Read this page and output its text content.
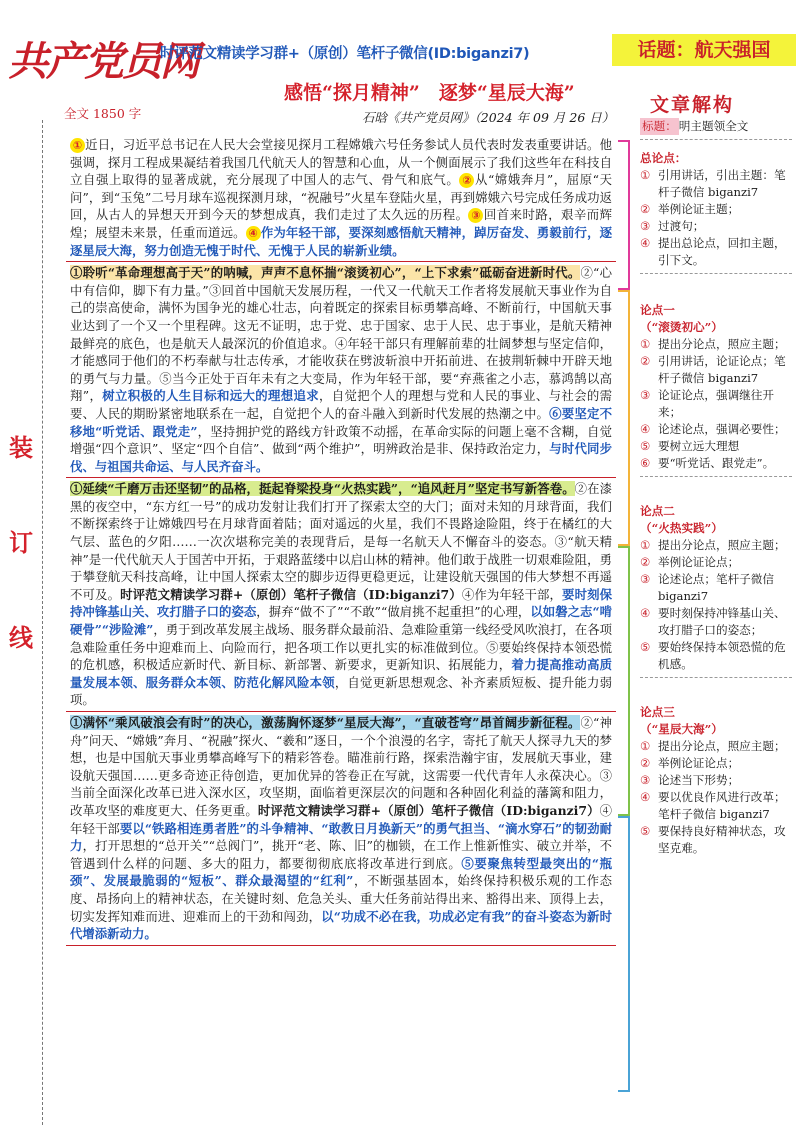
共产党员网
时评范文精读学习群+（原创）笔杆子微信(ID:biganzi7)	话题：航天强国
感悟“探月精神”　逐梦“星辰大海”
石晗《共产党员网》（2024 年 09 月 26 日）
全文 1850 字
装
订
线

① 近日，习近平总书记在人民大会堂接见探月工程嫦娥六号任务参试人员代表时发表重要讲话。他强调，探月工程成果凝结着我国几代航天人的智慧和心血，从一个侧面展示了我们这些年在科技自立自强上取得的显著成就，充分展现了中国人的志气、骨气和底气。 ② 从“嫦娥奔月”，屈原“天问”，到“玉兔”二号月球车巡视探测月球，“祝融号”火星车登陆火星，再到嫦娥六号完成任务成功返回，从古人的异想天开到今天的梦想成真，我们走过了太久远的历程。 ③ 回首来时路，艰辛而辉煌；展望未来景，任重而道远。 ④ 作为年轻干部，要深刻感悟航天精神，踔厉奋发、勇毅前行，逐逐星辰大海，努力创造无愧于时代、无愧于人民的崭新业绩。

①聆听“革命理想高于天”的呐喊，声声不息怀揣“滚烫初心”，“上下求索”砥砺奋进新时代。②“心中有信仰，脚下有力量。”③回首中国航天发展历程，一代又一代航天工作者将发展航天事业作为自己的崇高使命，满怀为国争光的雄心壮志，向着既定的探索目标勇攀高峰、不断前行，中国航天事业达到了一个又一个里程碑。这无不证明，忠于党、忠于国家、忠于人民、忠于事业，是航天精神最鲜亮的底色，也是航天人最深沉的价值追求。④年轻干部只有理解前辈的壮阔梦想与坚定信仰，才能感同于他们的不朽奉献与壮志传承，才能收获在劈波斩浪中开拓前进、在披荆斩棘中开辟天地的勇气与力量。⑤当今正处于百年未有之大变局，作为年轻干部，要“弃燕雀之小志，慕鸿鹄以高翔”，树立积极的人生目标和远大的理想追求，自觉把个人的理想与党和人民的事业、与社会的需要、人民的期盼紧密地联系在一起，自觉把个人的奋斗融入到新时代发展的热潮之中。⑥要坚定不移地“听党话、跟党走”，坚持拥护党的路线方针政策不动摇，在革命实际的问题上毫不含糊，自觉增强“四个意识”、坚定“四个自信”、做到“两个维护”，明辨政治是非、保持政治定力，与时代同步伐、与祖国共命运、与人民齐奋斗。

①延续“千磨万击还坚韧”的品格，挺起脊梁投身“火热实践”，“追风赶月”坚定书写新答卷。②在漆黑的夜空中，“东方红一号”的成功发射让我们打开了探索太空的大门；面对未知的月球背面，我们不断探索终于让嫦娥四号在月球背面着陆；面对遥远的火星，我们不畏路途险阻，终于在橘红的大气层、蓝色的夕阳……一次次堪称完美的表现背后，是每一名航天人不懈奋斗的姿态。③“航天精神”是一代代航天人于国苦中开拓，于艰路蓝缕中以启山林的精神。他们敢于战胜一切艰难险阻，勇于攀登航天科技高峰，让中国人探索太空的脚步迈得更稳更远，让建设航天强国的伟大梦想不再遥不可及。时评范文精读学习群+（原创）笔杆子微信（ID:biganzi7）④作为年轻干部，要时刻保持冲锋基山关、攻打腊子口的姿态，摒弃“做不了”“不敢”“做肩挑不起重担”的心理，以如磐之志“啃硬骨”“涉险滩”，勇于到改革发展主战场、服务群众最前沿、急难险重第一线经受风吹浪打，在各项急难险重任务中迎难而上、向险而行，把各项工作以更扎实的标准做到位。⑤要始终保持本领恐慌的危机感，积极适应新时代、新目标、新部署、新要求，更新知识、拓展能力，着力提高推动高质量发展本领、服务群众本领、防范化解风险本领，自觉更新思想观念、补齐素质短板、提升能力弱项。

①满怀“乘风破浪会有时”的决心，激荡胸怀逐梦“星辰大海”，“直破苍穹”昂首阔步新征程。②“神舟”问天、“嫦娥”奔月、“祝融”探火、“羲和”逐日，一个个浪漫的名字，寄托了航天人探寻九天的梦想，也是中国航天事业勇攀高峰写下的精彩答卷。瞄准前行路，探索浩瀚宇宙，发展航天事业，建设航天强国……更多奇迹正待创造，更加优异的答卷正在写就，这需要一代代青年人永葆决心。③当前全面深化改革已进入深水区，攻坚期，面临着更深层次的问题和各种固化利益的藩篱和阻力，改革攻坚的难度更大、任务更重。时评范文精读学习群+（原创）笔杆子微信（ID:biganzi7）④年轻干部要以“铁路相连勇者胜”的斗争精神、“敢教日月换新天”的勇气担当、“滴水穿石”的韧劲耐力，打开思想的“总开关”“总阀门”，挑开“老、陈、旧”的枷锁，在工作上惟新惟实、破立并举，不管遇到什么样的问题、多大的阻力，都要彻彻底底将改革进行到底。⑤要聚焦转型最突出的“瓶颈”、发展最脆弱的“短板”、群众最渴望的“红利”，不断强基固本，始终保持积极乐观的工作态度、昂扬向上的精神状态，在关键时刻、危急关头、重大任务前站得出来、豁得出来、顶得上去，切实发挥知难而进、迎难而上的干劲和闯劲，以“功成不必在我，功成必定有我”的奋斗姿态为新时代增添新动力。

文章解构
标题： 明主题领全文
总论点：
① 引用讲话，引出主题：笔杆子微信 biganzi7
② 举例论证主题；
③ 过渡句；
④ 提出总论点，回扣主题，引下文。
论点一
（“滚烫初心”）
① 提出分论点，照应主题；
② 引用讲话，论证论点；笔杆子微信 biganzi7
③ 论证论点，强调继往开来；
④ 论述论点，强调必要性；
⑤ 要树立远大理想
⑥ 要“听党话、跟党走”。
论点二
（“火热实践”）
① 提出分论点，照应主题；
② 举例论证论点；
③ 论述论点；笔杆子微信 biganzi7
④ 要时刻保持冲锋基山关、攻打腊子口的姿态；
⑤ 要始终保持本领恐慌的危机感。
论点三
（“星辰大海”）
① 提出分论点，照应主题；
② 举例论证论点；
③ 论述当下形势；
④ 要以优良作风进行改革；笔杆子微信 biganzi7
⑤ 要保持良好精神状态，攻坚克难。
